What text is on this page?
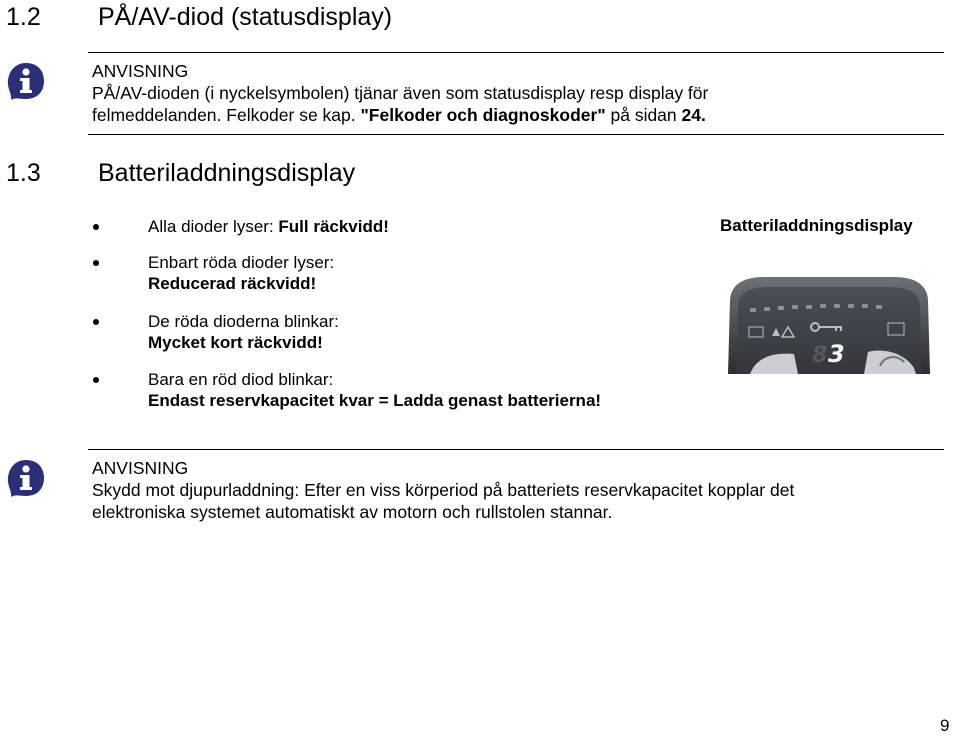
1.2 PÅ/AV-diod (statusdisplay)
ANVISNING
PÅ/AV-dioden (i nyckelsymbolen) tjänar även som statusdisplay resp display för
felmeddelanden. Felkoder se kap. "Felkoder och diagnoskoder" på sidan 24.
1.3 Batteriladdningsdisplay
Alla dioder lyser: Full räckvidd!
Enbart röda dioder lyser:
Reducerad räckvidd!
De röda dioderna blinkar:
Mycket kort räckvidd!
Bara en röd diod blinkar:
Endast reservkapacitet kvar = Ladda genast batterierna!
Batteriladdningsdisplay
8 3
ANVISNING
Skydd mot djupurladdning: Efter en viss körperiod på batteriets reservkapacitet kopplar det
elektroniska systemet automatiskt av motorn och rullstolen stannar.
9
